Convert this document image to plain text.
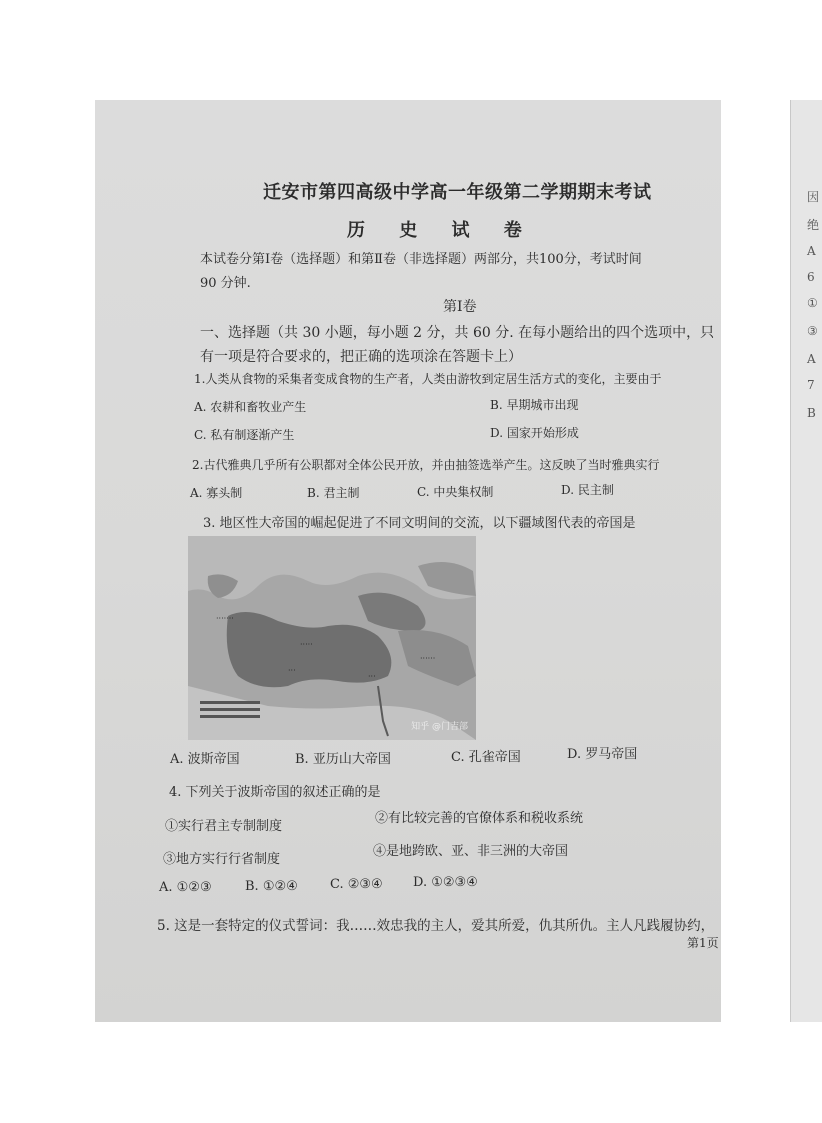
因
绝
A
6
①
③
A
7
B
迁安市第四高级中学高一年级第二学期期末考试
历 史 试 卷
本试卷分第Ⅰ卷（选择题）和第Ⅱ卷（非选择题）两部分，共100分，考试时间
90 分钟.
第Ⅰ卷
一、选择题（共 30 小题，每小题 2 分，共 60 分. 在每小题给出的四个选项中，只
有一项是符合要求的，把正确的选项涂在答题卡上）
1.人类从食物的采集者变成食物的生产者，人类由游牧到定居生活方式的变化，主要由于
A. 农耕和畜牧业产生	B. 早期城市出现
C. 私有制逐渐产生	D. 国家开始形成
2.古代雅典几乎所有公职都对全体公民开放，并由抽签选举产生。这反映了当时雅典实行
A. 寡头制	B. 君主制	C. 中央集权制	D. 民主制
3. 地区性大帝国的崛起促进了不同文明间的交流，以下疆域图代表的帝国是
·······
·····
···
···
······
知乎 @门吉部
A. 波斯帝国	B. 亚历山大帝国	C. 孔雀帝国	D. 罗马帝国
4. 下列关于波斯帝国的叙述正确的是
①实行君主专制制度
②有比较完善的官僚体系和税收系统
③地方实行行省制度
④是地跨欧、亚、非三洲的大帝国
A. ①②③	B. ①②④ C. ②③④ D. ①②③④
5. 这是一套特定的仪式誓词：我……效忠我的主人，爱其所爱，仇其所仇。主人凡践履协约，
第1页
